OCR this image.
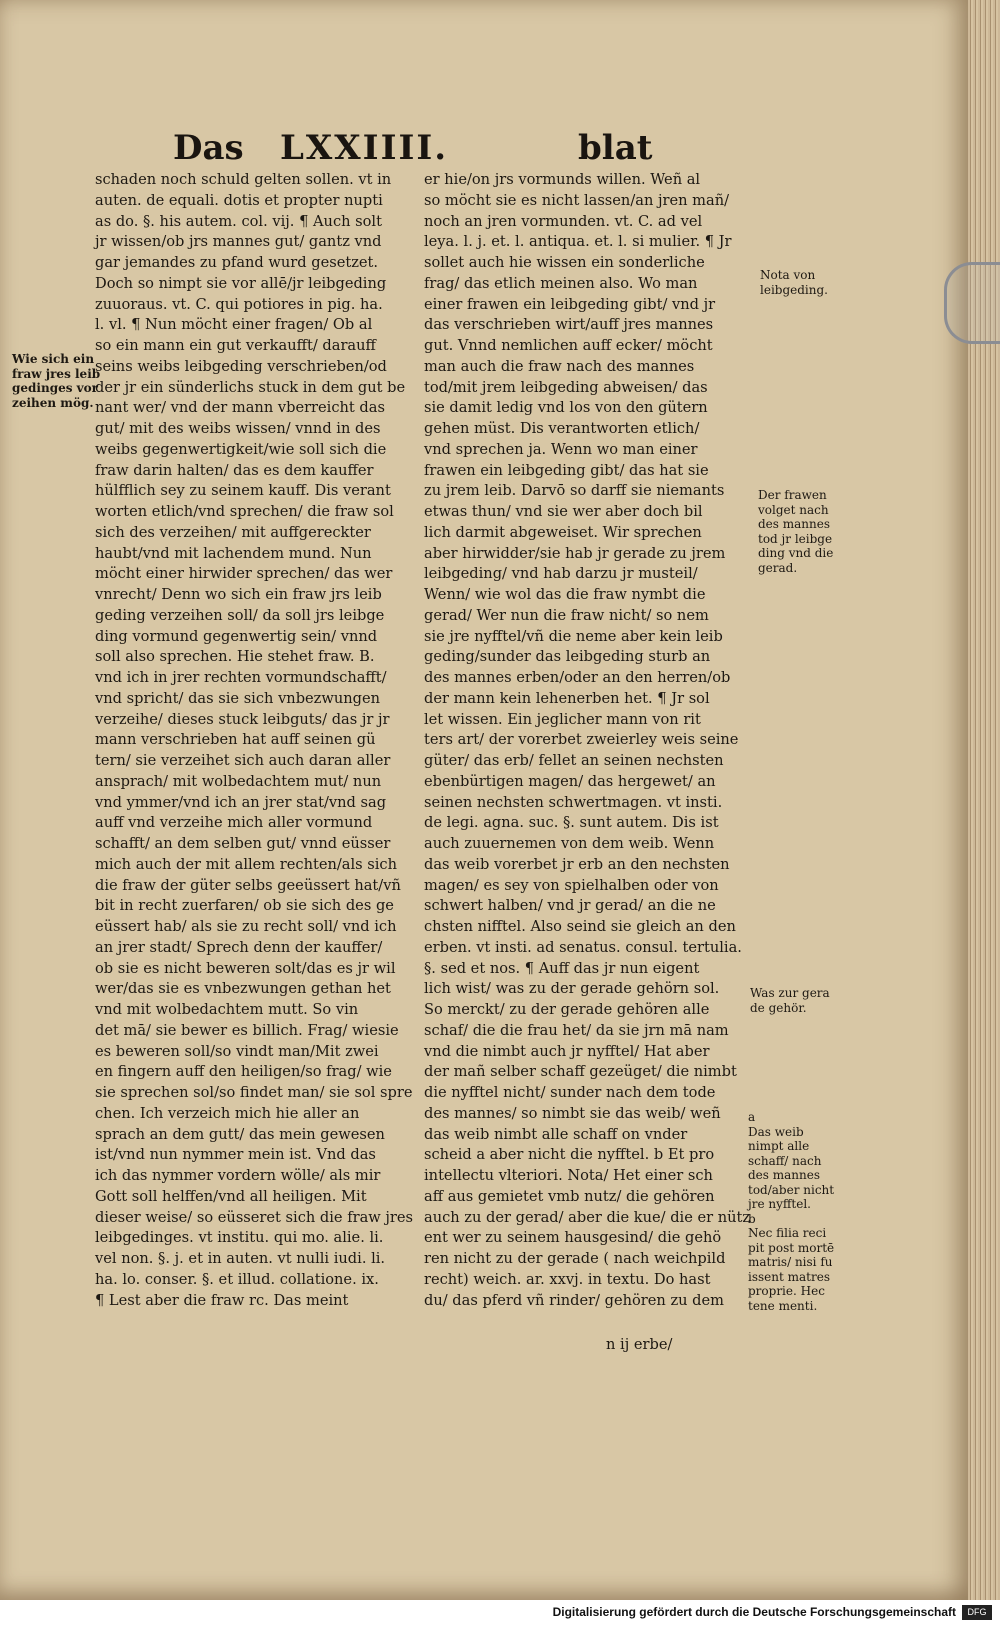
Das LXXIIII.	blat
Wie sich ein
fraw jres leib
gedinges vor
zeihen mög.
schaden noch schuld gelten sollen. vt in
auten. de equali. dotis et propter nupti
as do. §. his autem. col. vij. ¶ Auch solt
jr wissen/ob jrs mannes gut/ gantz vnd
gar jemandes zu pfand wurd gesetzet.
Doch so nimpt sie vor allē/jr leibgeding
zuuoraus. vt. C. qui potiores in pig. ha.
l. vl. ¶ Nun möcht einer fragen/ Ob al
so ein mann ein gut verkaufft/ darauff
seins weibs leibgeding verschrieben/od
der jr ein sünderlichs stuck in dem gut be
nant wer/ vnd der mann vberreicht das
gut/ mit des weibs wissen/ vnnd in des
weibs gegenwertigkeit/wie soll sich die
fraw darin halten/ das es dem kauffer
hülfflich sey zu seinem kauff. Dis verant
worten etlich/vnd sprechen/ die fraw sol
sich des verzeihen/ mit auffgereckter
haubt/vnd mit lachendem mund. Nun
möcht einer hirwider sprechen/ das wer
vnrecht/ Denn wo sich ein fraw jrs leib
geding verzeihen soll/ da soll jrs leibge
ding vormund gegenwertig sein/ vnnd
soll also sprechen. Hie stehet fraw. B.
vnd ich in jrer rechten vormundschafft/
vnd spricht/ das sie sich vnbezwungen
verzeihe/ dieses stuck leibguts/ das jr jr
mann verschrieben hat auff seinen gü
tern/ sie verzeihet sich auch daran aller
ansprach/ mit wolbedachtem mut/ nun
vnd ymmer/vnd ich an jrer stat/vnd sag
auff vnd verzeihe mich aller vormund
schafft/ an dem selben gut/ vnnd eüsser
mich auch der mit allem rechten/als sich
die fraw der güter selbs geeüssert hat/vñ
bit in recht zuerfaren/ ob sie sich des ge
eüssert hab/ als sie zu recht soll/ vnd ich
an jrer stadt/ Sprech denn der kauffer/
ob sie es nicht beweren solt/das es jr wil
wer/das sie es vnbezwungen gethan het
vnd mit wolbedachtem mutt. So vin
det mā/ sie bewer es billich. Frag/ wiesie
es beweren soll/so vindt man/Mit zwei
en fingern auff den heiligen/so frag/ wie
sie sprechen sol/so findet man/ sie sol spre
chen. Ich verzeich mich hie aller an
sprach an dem gutt/ das mein gewesen
ist/vnd nun nymmer mein ist. Vnd das
ich das nymmer vordern wölle/ als mir
Gott soll helffen/vnd all heiligen. Mit
dieser weise/ so eüsseret sich die fraw jres
leibgedinges. vt institu. qui mo. alie. li.
vel non. §. j. et in auten. vt nulli iudi. li.
ha. lo. conser. §. et illud. collatione. ix.
¶ Lest aber die fraw rc. Das meint
er hie/on jrs vormunds willen. Weñ al
so möcht sie es nicht lassen/an jren mañ/
noch an jren vormunden. vt. C. ad vel
leya. l. j. et. l. antiqua. et. l. si mulier. ¶ Jr
sollet auch hie wissen ein sonderliche
frag/ das etlich meinen also. Wo man
einer frawen ein leibgeding gibt/ vnd jr
das verschrieben wirt/auff jres mannes
gut. Vnnd nemlichen auff ecker/ möcht
man auch die fraw nach des mannes
tod/mit jrem leibgeding abweisen/ das
sie damit ledig vnd los von den gütern
gehen müst. Dis verantworten etlich/
vnd sprechen ja. Wenn wo man einer
frawen ein leibgeding gibt/ das hat sie
zu jrem leib. Darvō so darff sie niemants
etwas thun/ vnd sie wer aber doch bil
lich darmit abgeweiset. Wir sprechen
aber hirwidder/sie hab jr gerade zu jrem
leibgeding/ vnd hab darzu jr musteil/
Wenn/ wie wol das die fraw nymbt die
gerad/ Wer nun die fraw nicht/ so nem
sie jre nyfftel/vñ die neme aber kein leib
geding/sunder das leibgeding sturb an
des mannes erben/oder an den herren/ob
der mann kein lehenerben het. ¶ Jr sol
let wissen. Ein jeglicher mann von rit
ters art/ der vorerbet zweierley weis seine
güter/ das erb/ fellet an seinen nechsten
ebenbürtigen magen/ das hergewet/ an
seinen nechsten schwertmagen. vt insti.
de legi. agna. suc. §. sunt autem. Dis ist
auch zuuernemen von dem weib. Wenn
das weib vorerbet jr erb an den nechsten
magen/ es sey von spielhalben oder von
schwert halben/ vnd jr gerad/ an die ne
chsten nifftel. Also seind sie gleich an den
erben. vt insti. ad senatus. consul. tertulia.
§. sed et nos. ¶ Auff das jr nun eigent
lich wist/ was zu der gerade gehörn sol.
So merckt/ zu der gerade gehören alle
schaf/ die die frau het/ da sie jrn mā nam
vnd die nimbt auch jr nyfftel/ Hat aber
der mañ selber schaff gezeüget/ die nimbt
die nyfftel nicht/ sunder nach dem tode
des mannes/ so nimbt sie das weib/ weñ
das weib nimbt alle schaff on vnder
scheid a aber nicht die nyfftel. b Et pro
intellectu vlteriori. Nota/ Het einer sch
aff aus gemietet vmb nutz/ die gehören
auch zu der gerad/ aber die kue/ die er nütz
ent wer zu seinem hausgesind/ die gehö
ren nicht zu der gerade ( nach weichpild
recht) weich. ar. xxvj. in textu. Do hast
du/ das pferd vñ rinder/ gehören zu dem
Nota von
leibgeding.
Der frawen
volget nach
des mannes
tod jr leibge
ding vnd die
gerad.
Was zur gera
de gehör.
a
Das weib
nimpt alle
schaff/ nach
des mannes
tod/aber nicht
jre nyfftel.
b
Nec filia reci
pit post mortē
matris/ nisi fu
issent matres
proprie. Hec
tene menti.
n ij erbe/
Digitalisierung gefördert durch die Deutsche Forschungsgemeinschaft	DFG
